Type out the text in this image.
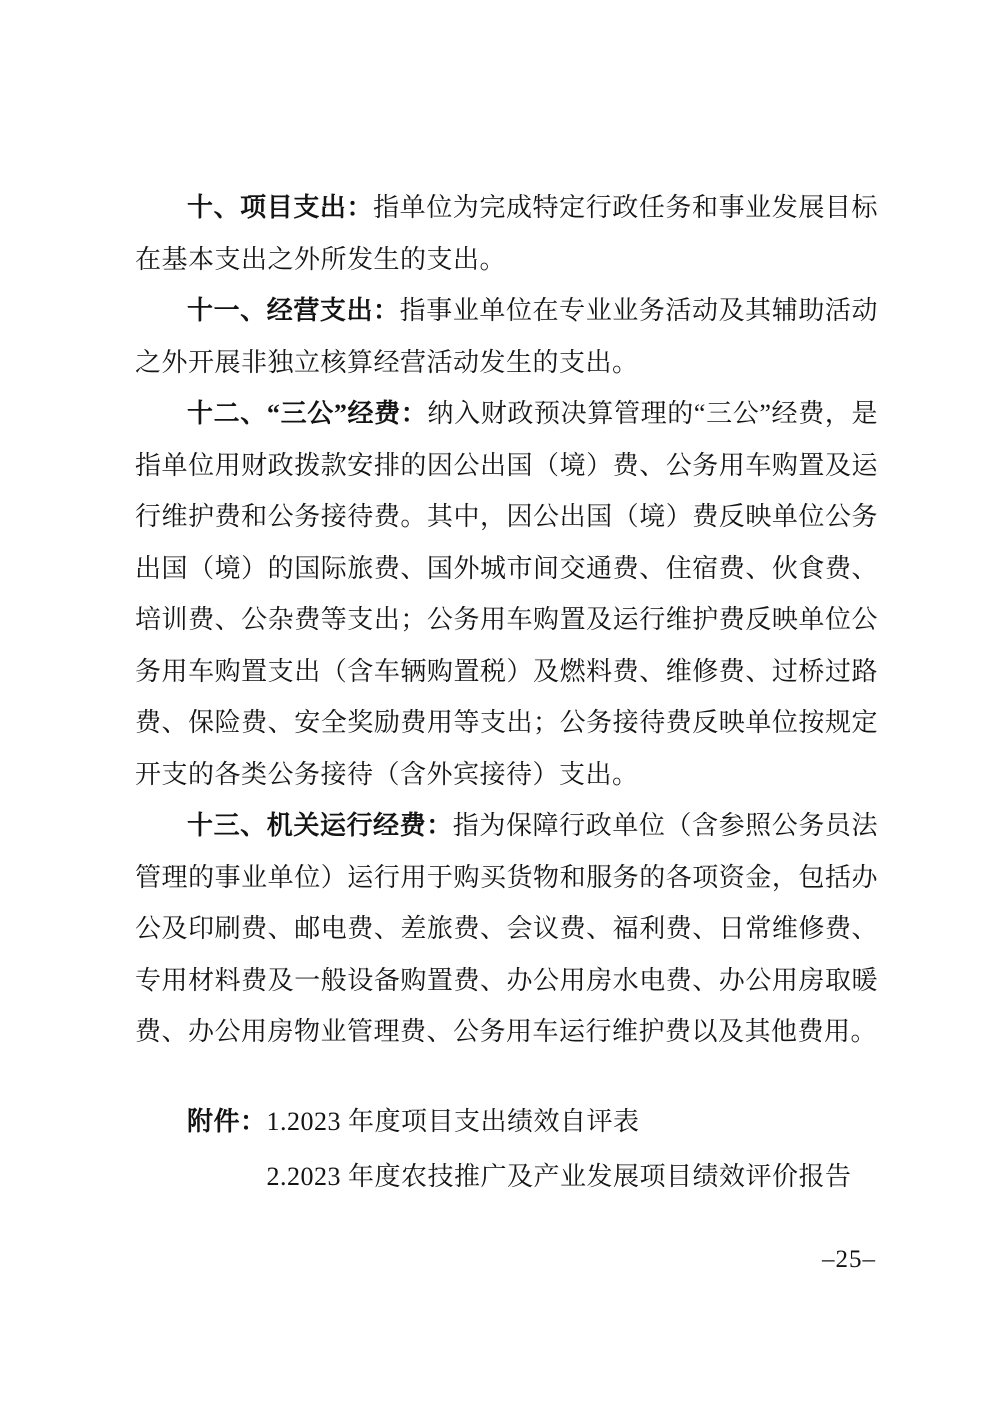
十、项目支出：指单位为完成特定行政任务和事业发展目标在基本支出之外所发生的支出。

十一、经营支出：指事业单位在专业业务活动及其辅助活动之外开展非独立核算经营活动发生的支出。

十二、“三公”经费：纳入财政预决算管理的“三公”经费，是指单位用财政拨款安排的因公出国（境）费、公务用车购置及运行维护费和公务接待费。其中，因公出国（境）费反映单位公务出国（境）的国际旅费、国外城市间交通费、住宿费、伙食费、培训费、公杂费等支出；公务用车购置及运行维护费反映单位公务用车购置支出（含车辆购置税）及燃料费、维修费、过桥过路费、保险费、安全奖励费用等支出；公务接待费反映单位按规定开支的各类公务接待（含外宾接待）支出。

十三、机关运行经费：指为保障行政单位（含参照公务员法管理的事业单位）运行用于购买货物和服务的各项资金，包括办公及印刷费、邮电费、差旅费、会议费、福利费、日常维修费、专用材料费及一般设备购置费、办公用房水电费、办公用房取暖费、办公用房物业管理费、公务用车运行维护费以及其他费用。

附件： 1.2023 年度项目支出绩效自评表
2.2023 年度农技推广及产业发展项目绩效评价报告
–25–
